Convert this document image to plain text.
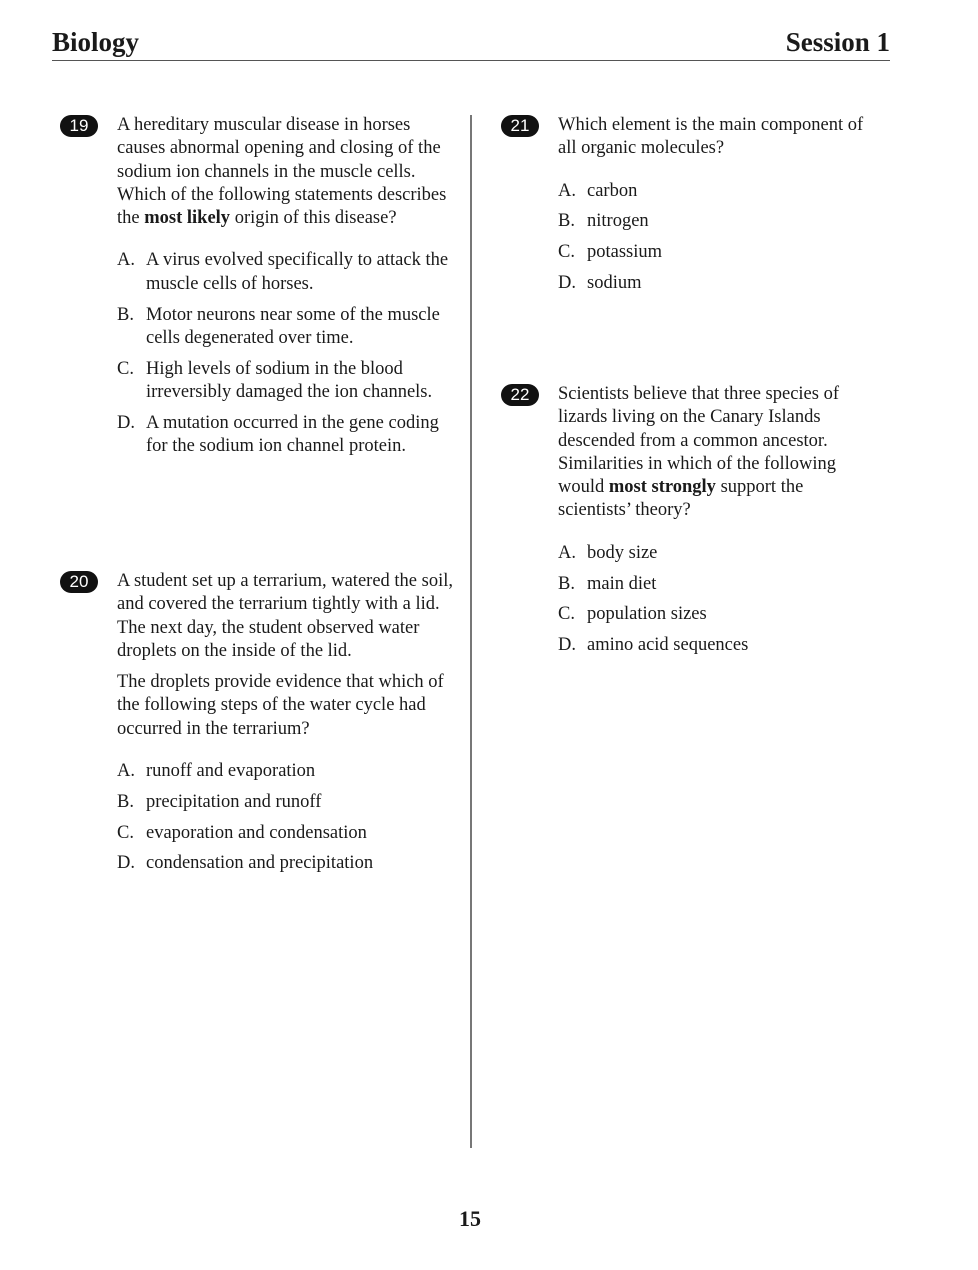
Biology	Session 1
19	A hereditary muscular disease in horses causes abnormal opening and closing of the sodium ion channels in the muscle cells. Which of the following statements describes the most likely origin of this disease?

A. A virus evolved specifically to attack the muscle cells of horses.
B. Motor neurons near some of the muscle cells degenerated over time.
C. High levels of sodium in the blood irreversibly damaged the ion channels.
D. A mutation occurred in the gene coding for the sodium ion channel protein.
20	A student set up a terrarium, watered the soil, and covered the terrarium tightly with a lid. The next day, the student observed water droplets on the inside of the lid.

The droplets provide evidence that which of the following steps of the water cycle had occurred in the terrarium?

A. runoff and evaporation
B. precipitation and runoff
C. evaporation and condensation
D. condensation and precipitation
21	Which element is the main component of all organic molecules?

A. carbon
B. nitrogen
C. potassium
D. sodium
22	Scientists believe that three species of lizards living on the Canary Islands descended from a common ancestor. Similarities in which of the following would most strongly support the scientists’ theory?

A. body size
B. main diet
C. population sizes
D. amino acid sequences
15
